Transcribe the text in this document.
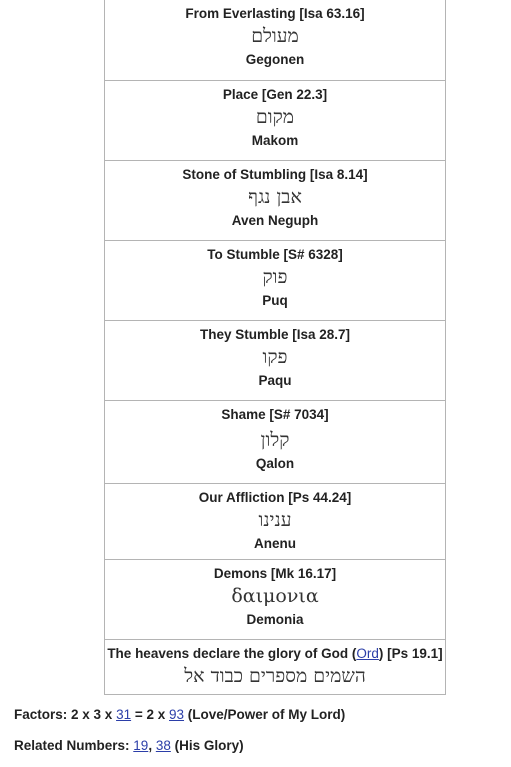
From Everlasting [Isa 63.16]
מעולם
Gegonen
Place [Gen 22.3]
מקום
Makom
Stone of Stumbling [Isa 8.14]
אבן נגף
Aven Neguph
To Stumble [S# 6328]
פוק
Puq
They Stumble [Isa 28.7]
פקו
Paqu
Shame [S# 7034]
קלון
Qalon
Our Affliction [Ps 44.24]
ענינו
Anenu
Demons [Mk 16.17]
δαιμονια
Demonia
The heavens declare the glory of God (Ord) [Ps 19.1]
השמים מספרים כבוד אל
Factors: 2 x 3 x 31 = 2 x 93 (Love/Power of My Lord)
Related Numbers: 19, 38 (His Glory)
